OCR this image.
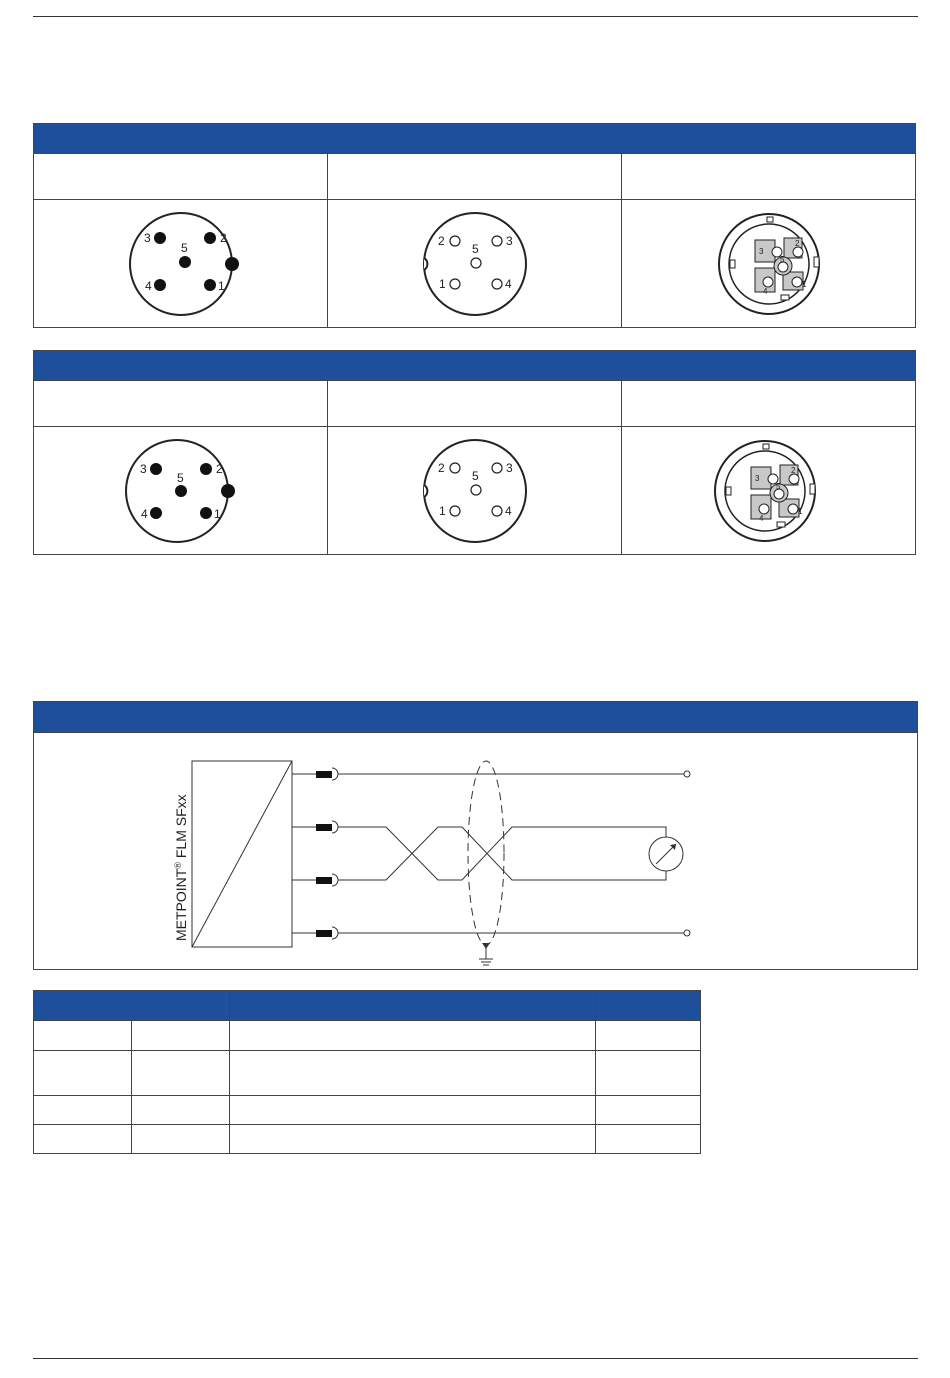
2
3
5
1
4	2 3
5
1 4	3
2
5
4
1

2
3
5
1
4	2 3
5
1 4	3
2
5
4
1
METPOINT® FLM SFxx
